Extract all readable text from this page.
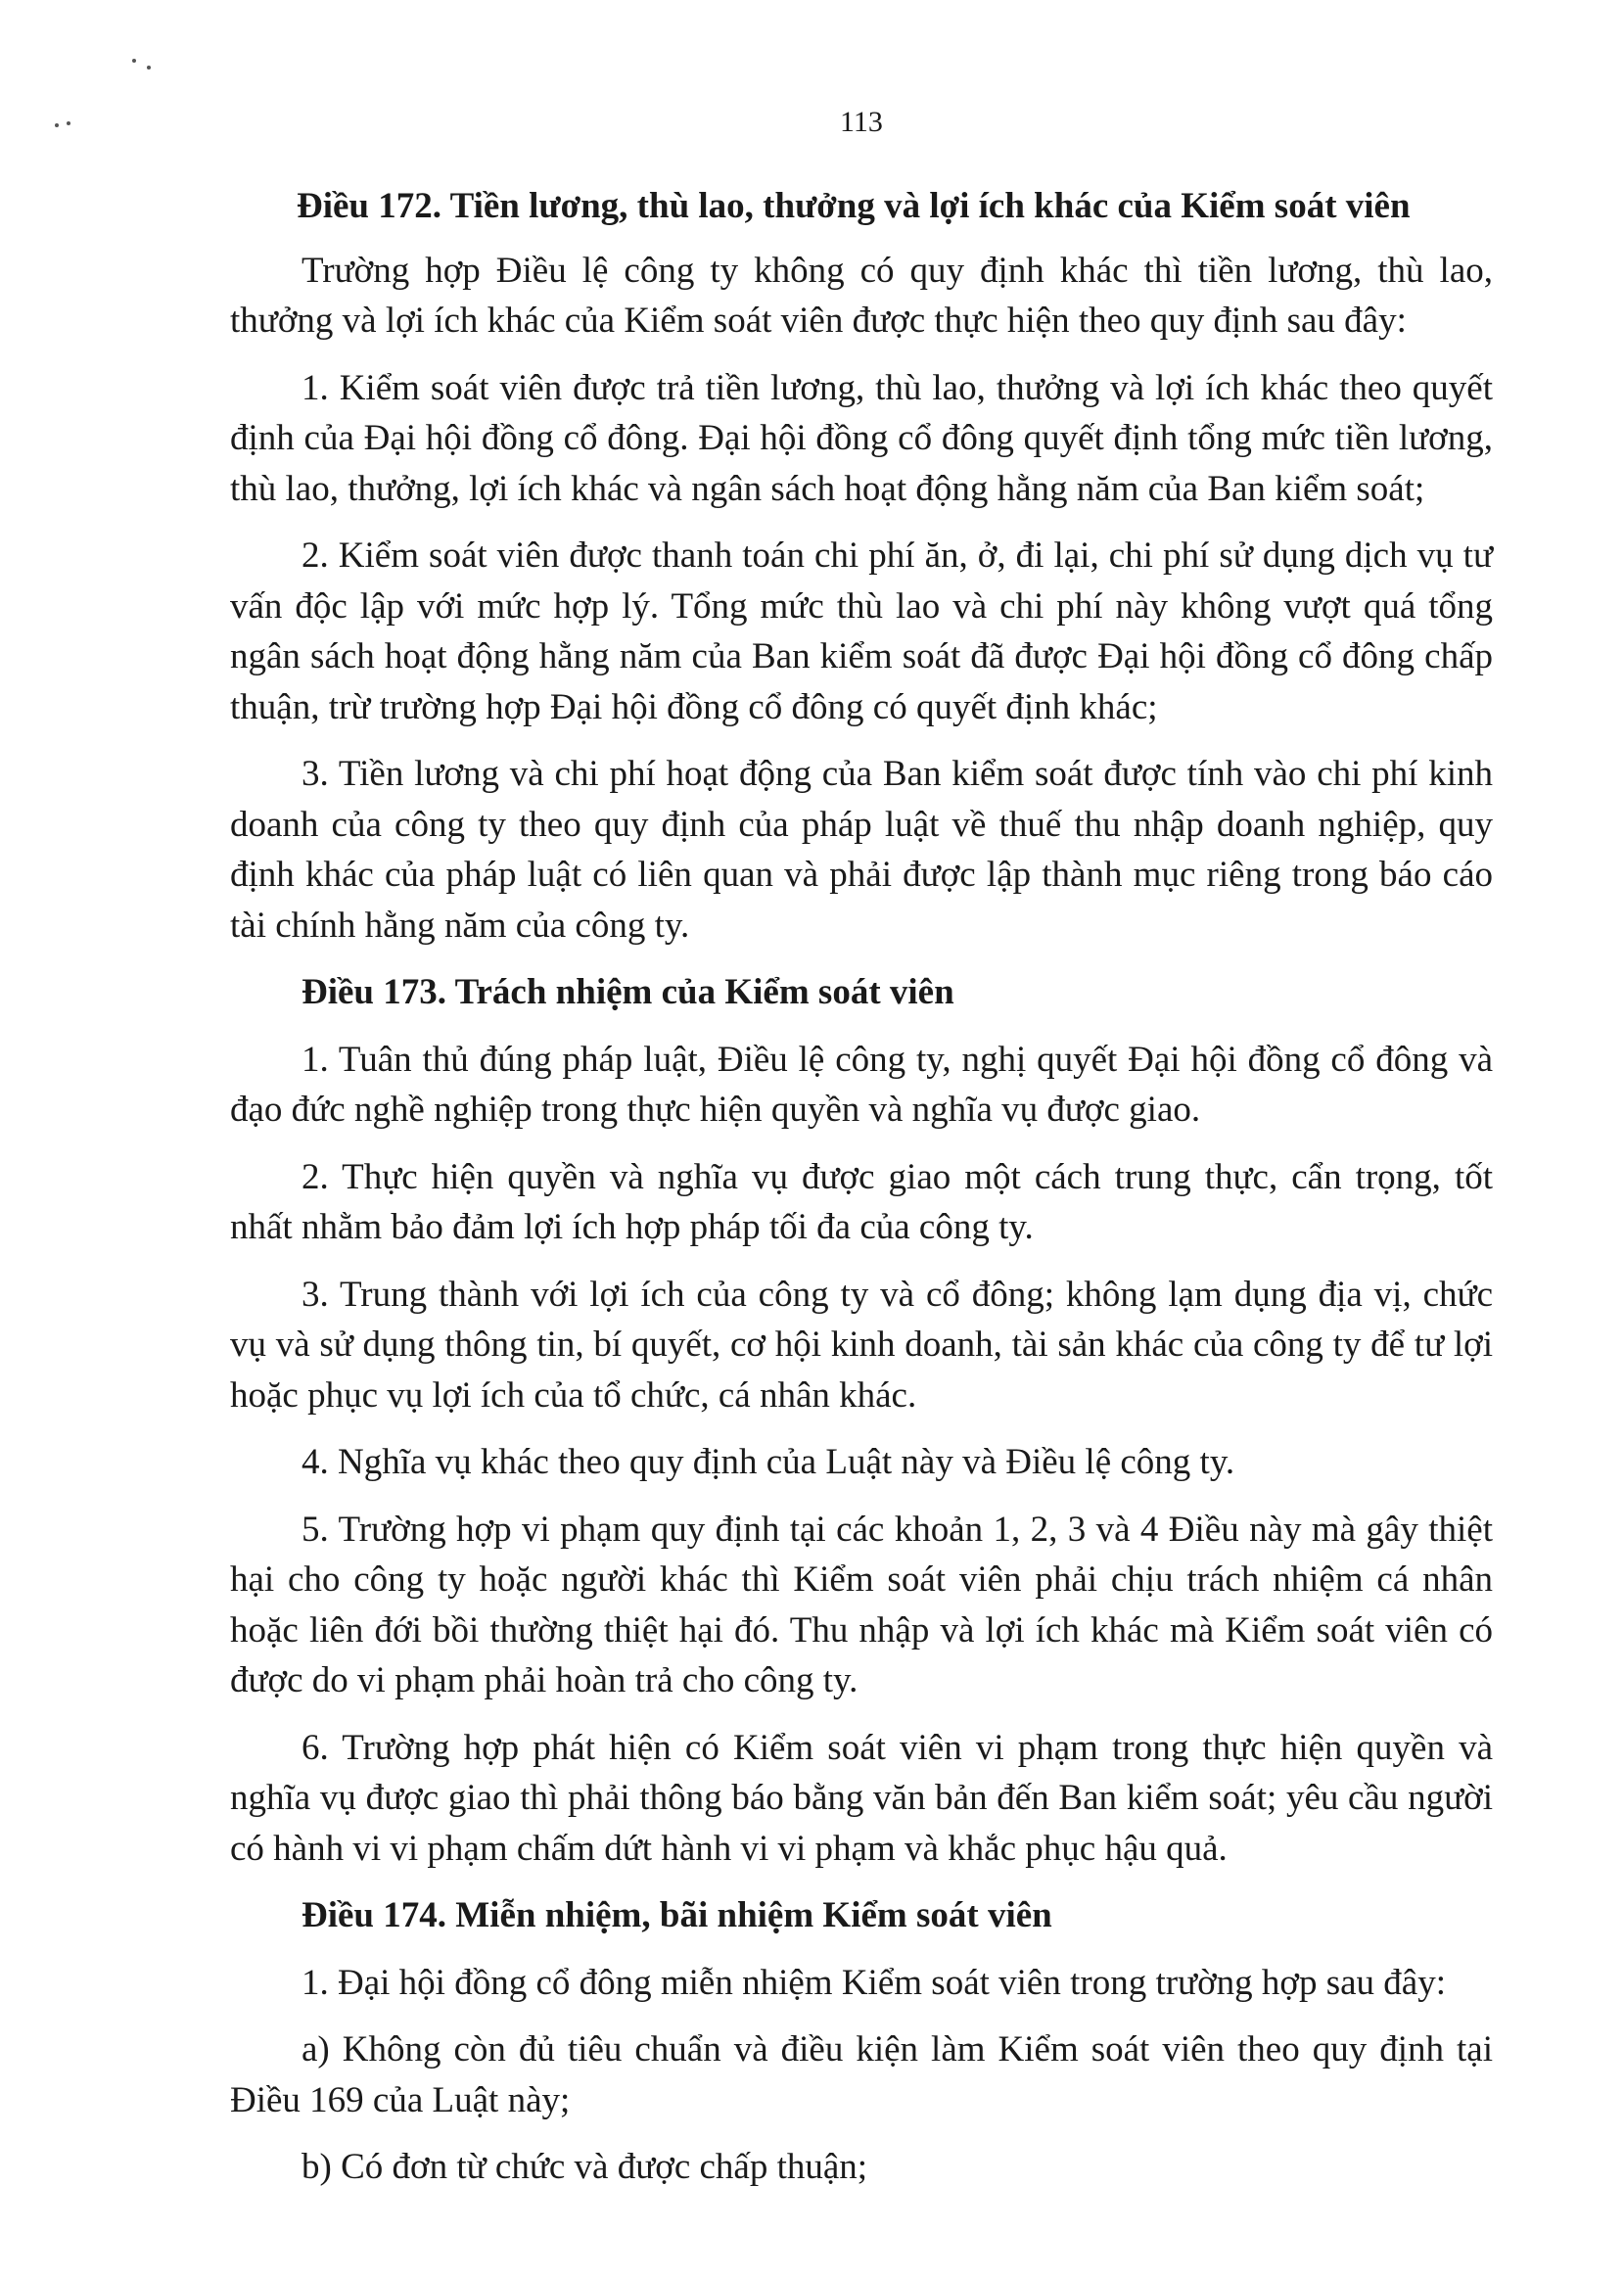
113
Điều 172. Tiền lương, thù lao, thưởng và lợi ích khác của Kiểm soát viên

Trường hợp Điều lệ công ty không có quy định khác thì tiền lương, thù lao, thưởng và lợi ích khác của Kiểm soát viên được thực hiện theo quy định sau đây:

1. Kiểm soát viên được trả tiền lương, thù lao, thưởng và lợi ích khác theo quyết định của Đại hội đồng cổ đông. Đại hội đồng cổ đông quyết định tổng mức tiền lương, thù lao, thưởng, lợi ích khác và ngân sách hoạt động hằng năm của Ban kiểm soát;

2. Kiểm soát viên được thanh toán chi phí ăn, ở, đi lại, chi phí sử dụng dịch vụ tư vấn độc lập với mức hợp lý. Tổng mức thù lao và chi phí này không vượt quá tổng ngân sách hoạt động hằng năm của Ban kiểm soát đã được Đại hội đồng cổ đông chấp thuận, trừ trường hợp Đại hội đồng cổ đông có quyết định khác;

3. Tiền lương và chi phí hoạt động của Ban kiểm soát được tính vào chi phí kinh doanh của công ty theo quy định của pháp luật về thuế thu nhập doanh nghiệp, quy định khác của pháp luật có liên quan và phải được lập thành mục riêng trong báo cáo tài chính hằng năm của công ty.

Điều 173. Trách nhiệm của Kiểm soát viên

1. Tuân thủ đúng pháp luật, Điều lệ công ty, nghị quyết Đại hội đồng cổ đông và đạo đức nghề nghiệp trong thực hiện quyền và nghĩa vụ được giao.

2. Thực hiện quyền và nghĩa vụ được giao một cách trung thực, cẩn trọng, tốt nhất nhằm bảo đảm lợi ích hợp pháp tối đa của công ty.

3. Trung thành với lợi ích của công ty và cổ đông; không lạm dụng địa vị, chức vụ và sử dụng thông tin, bí quyết, cơ hội kinh doanh, tài sản khác của công ty để tư lợi hoặc phục vụ lợi ích của tổ chức, cá nhân khác.

4. Nghĩa vụ khác theo quy định của Luật này và Điều lệ công ty.

5. Trường hợp vi phạm quy định tại các khoản 1, 2, 3 và 4 Điều này mà gây thiệt hại cho công ty hoặc người khác thì Kiểm soát viên phải chịu trách nhiệm cá nhân hoặc liên đới bồi thường thiệt hại đó. Thu nhập và lợi ích khác mà Kiểm soát viên có được do vi phạm phải hoàn trả cho công ty.

6. Trường hợp phát hiện có Kiểm soát viên vi phạm trong thực hiện quyền và nghĩa vụ được giao thì phải thông báo bằng văn bản đến Ban kiểm soát; yêu cầu người có hành vi vi phạm chấm dứt hành vi vi phạm và khắc phục hậu quả.

Điều 174. Miễn nhiệm, bãi nhiệm Kiểm soát viên

1. Đại hội đồng cổ đông miễn nhiệm Kiểm soát viên trong trường hợp sau đây:

a) Không còn đủ tiêu chuẩn và điều kiện làm Kiểm soát viên theo quy định tại Điều 169 của Luật này;

b) Có đơn từ chức và được chấp thuận;
